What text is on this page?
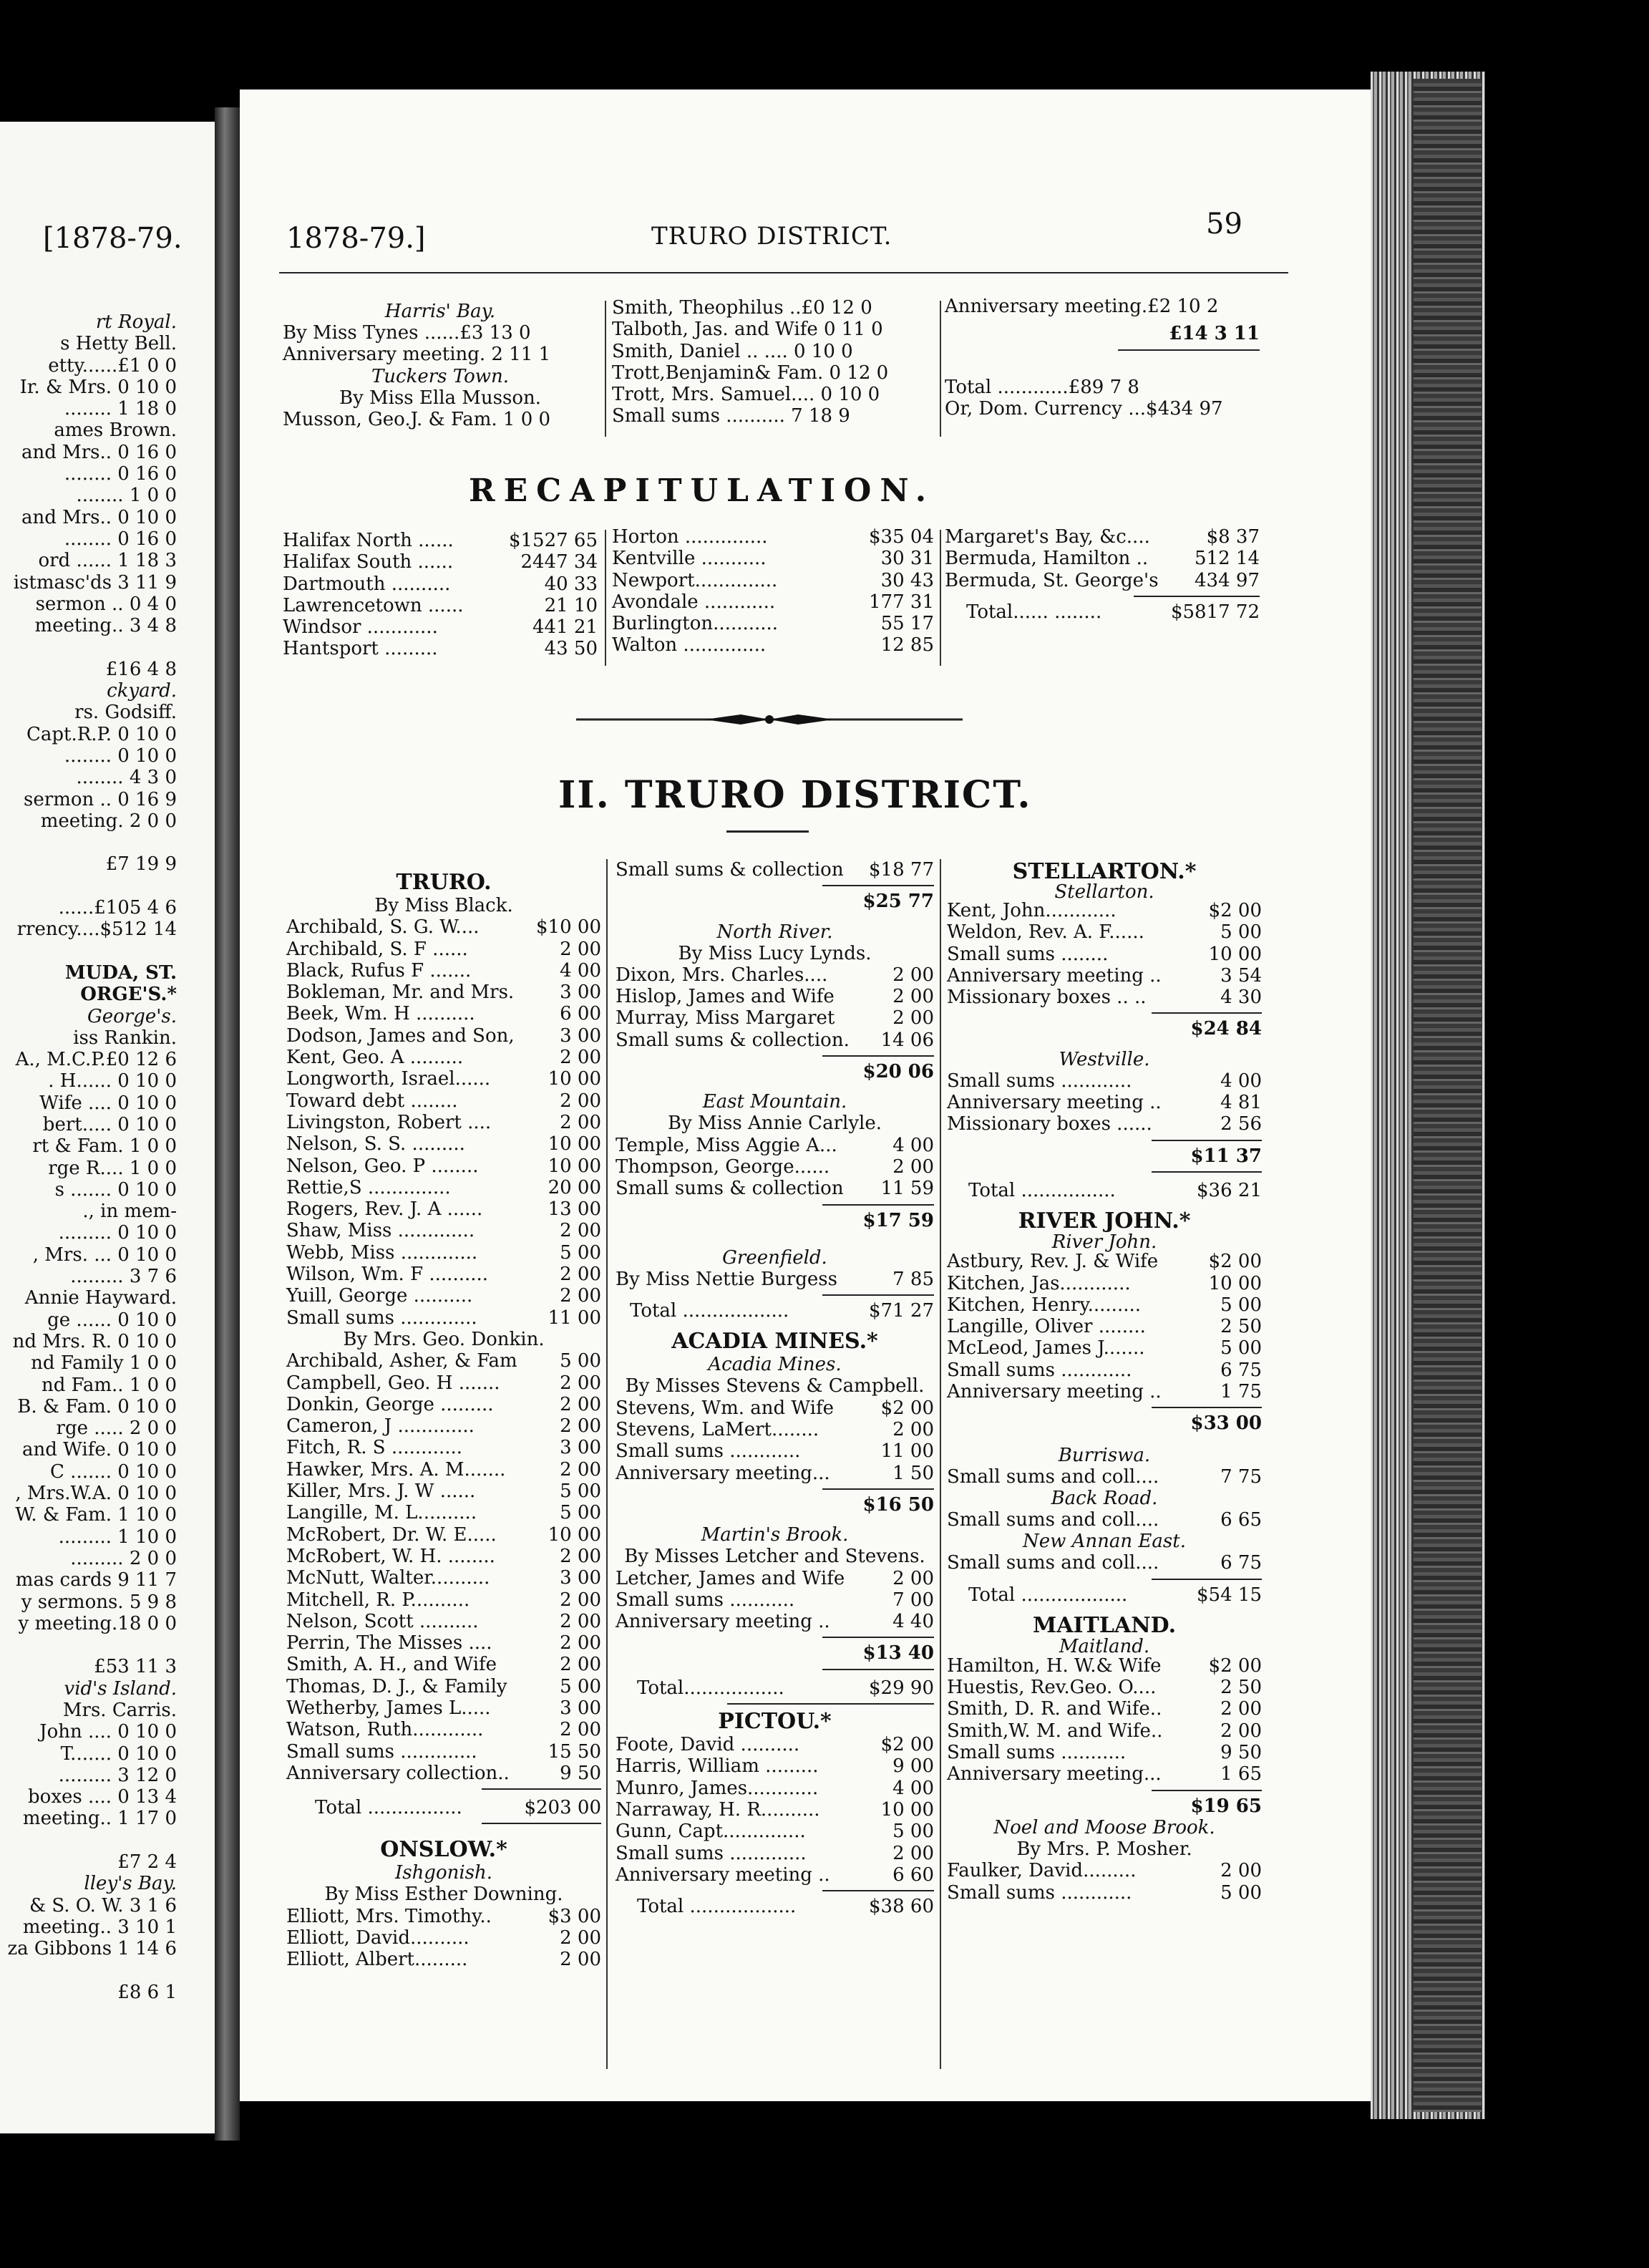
[1878-79.
rt Royal.
s Hetty Bell.
etty......£1 0 0
Ir. & Mrs. 0 10 0
........ 1 18 0
ames Brown.
and Mrs.. 0 16 0
........ 0 16 0
........ 1 0 0
and Mrs.. 0 10 0
........ 0 16 0
ord ...... 1 18 3
istmasc'ds 3 11 9
sermon .. 0 4 0
meeting.. 3 4 8

£16 4 8
ckyard.
rs. Godsiff.
Capt.R.P. 0 10 0
........ 0 10 0
........ 4 3 0
sermon .. 0 16 9
meeting. 2 0 0

£7 19 9

......£105 4 6
rrency....$512 14

MUDA, ST.
ORGE'S.*
George's.
iss Rankin.
A., M.C.P.£0 12 6
. H...... 0 10 0
Wife .... 0 10 0
bert..... 0 10 0
rt & Fam. 1 0 0
rge R.... 1 0 0
s ....... 0 10 0
., in mem-
......... 0 10 0
, Mrs. ... 0 10 0
......... 3 7 6
Annie Hayward.
ge ...... 0 10 0
nd Mrs. R. 0 10 0
nd Family 1 0 0
nd Fam.. 1 0 0
B. & Fam. 0 10 0
rge ..... 2 0 0
and Wife. 0 10 0
C ....... 0 10 0
, Mrs.W.A. 0 10 0
W. & Fam. 1 10 0
......... 1 10 0
......... 2 0 0
mas cards 9 11 7
y sermons. 5 9 8
y meeting.18 0 0

£53 11 3
vid's Island.
Mrs. Carris.
John .... 0 10 0
T....... 0 10 0
......... 3 12 0
boxes .... 0 13 4
meeting.. 1 17 0

£7 2 4
lley's Bay.
& S. O. W. 3 1 6
meeting.. 3 10 1
za Gibbons 1 14 6

£8 6 1
1878-79.]	TRURO DISTRICT.	59
Harris' Bay.
By Miss Tynes ......£3 13 0
Anniversary meeting. 2 11 1
Tuckers Town.
By Miss Ella Musson.
Musson, Geo.J. & Fam. 1 0 0
Smith, Theophilus ..£0 12 0
Talboth, Jas. and Wife 0 11 0
Smith, Daniel .. .... 0 10 0
Trott,Benjamin& Fam. 0 12 0
Trott, Mrs. Samuel.... 0 10 0
Small sums .......... 7 18 9
Anniversary meeting.£2 10 2
£14 3 11

Total ............£89 7 8
Or, Dom. Currency ...$434 97
RECAPITULATION.
Halifax North ......	$1527 65
Halifax South ......	2447 34
Dartmouth ..........	40 33
Lawrencetown ......	21 10
Windsor ............	441 21
Hantsport .........	43 50
Horton ..............	$35 04
Kentville ...........	30 31
Newport..............	30 43
Avondale ............	177 31
Burlington...........	55 17
Walton ..............	12 85
Margaret's Bay, &c....	$8 37
Bermuda, Hamilton .. 512 14
Bermuda, St. George's 434 97
Total...... ........	$5817 72
II. TRURO DISTRICT.
TRURO.
By Miss Black.
Archibald, S. G. W....	$10 00
Archibald, S. F ......	2 00
Black, Rufus F .......	4 00
Bokleman, Mr. and Mrs. 3 00
Beek, Wm. H ..........	6 00
Dodson, James and Son, 3 00
Kent, Geo. A .........	2 00
Longworth, Israel......	10 00
Toward debt ........	2 00
Livingston, Robert ....	2 00
Nelson, S. S. .........	10 00
Nelson, Geo. P ........	10 00
Rettie,S ..............	20 00
Rogers, Rev. J. A ......	13 00
Shaw, Miss .............	2 00
Webb, Miss .............	5 00
Wilson, Wm. F ..........	2 00
Yuill, George ..........	2 00
Small sums .............	11 00
By Mrs. Geo. Donkin.
Archibald, Asher, & Fam 5 00
Campbell, Geo. H .......	2 00
Donkin, George .........	2 00
Cameron, J .............	2 00
Fitch, R. S ............	3 00
Hawker, Mrs. A. M.......	2 00
Killer, Mrs. J. W ......	5 00
Langille, M. L..........	5 00
McRobert, Dr. W. E.....	10 00
McRobert, W. H. ........	2 00
McNutt, Walter..........	3 00
Mitchell, R. P..........	2 00
Nelson, Scott ..........	2 00
Perrin, The Misses ....	2 00
Smith, A. H., and Wife	2 00
Thomas, D. J., & Family	5 00
Wetherby, James L.....	3 00
Watson, Ruth............	2 00
Small sums .............	15 50
Anniversary collection..	9 50
Total ................	$203 00
ONSLOW.*
Ishgonish.
By Miss Esther Downing.
Elliott, Mrs. Timothy..	$3 00
Elliott, David..........	2 00
Elliott, Albert.........	2 00
Small sums & collection $18 77
$25 77
North River.
By Miss Lucy Lynds.
Dixon, Mrs. Charles....	2 00
Hislop, James and Wife	2 00
Murray, Miss Margaret	2 00
Small sums & collection. 14 06
$20 06
East Mountain.
By Miss Annie Carlyle.
Temple, Miss Aggie A...	4 00
Thompson, George......	2 00
Small sums & collection 11 59
$17 59
Greenfield.
By Miss Nettie Burgess	7 85
Total ..................	$71 27
ACADIA MINES.*
Acadia Mines.
By Misses Stevens & Campbell.
Stevens, Wm. and Wife	$2 00
Stevens, LaMert........	2 00
Small sums ............	11 00
Anniversary meeting...	1 50
$16 50
Martin's Brook.
By Misses Letcher and Stevens.
Letcher, James and Wife	2 00
Small sums ...........	7 00
Anniversary meeting ..	4 40
$13 40
Total.................	$29 90
PICTOU.*
Foote, David ..........	$2 00
Harris, William .........	9 00
Munro, James............	4 00
Narraway, H. R..........	10 00
Gunn, Capt..............	5 00
Small sums .............	2 00
Anniversary meeting ..	6 60
Total ..................	$38 60
STELLARTON.*
Stellarton.
Kent, John............	$2 00
Weldon, Rev. A. F......	5 00
Small sums ........	10 00
Anniversary meeting ..	3 54
Missionary boxes .. ..	4 30
$24 84
Westville.
Small sums ............	4 00
Anniversary meeting ..	4 81
Missionary boxes ......	2 56
$11 37
Total ................	$36 21
RIVER JOHN.*
River John.
Astbury, Rev. J. & Wife	$2 00
Kitchen, Jas............	10 00
Kitchen, Henry.........	5 00
Langille, Oliver ........	2 50
McLeod, James J.......	5 00
Small sums ............	6 75
Anniversary meeting ..	1 75
$33 00
Burriswa.
Small sums and coll....	7 75
Back Road.
Small sums and coll....	6 65
New Annan East.
Small sums and coll....	6 75
Total ..................	$54 15
MAITLAND.
Maitland.
Hamilton, H. W.& Wife	$2 00
Huestis, Rev.Geo. O....	2 50
Smith, D. R. and Wife..	2 00
Smith,W. M. and Wife..	2 00
Small sums ...........	9 50
Anniversary meeting...	1 65
$19 65
Noel and Moose Brook.
By Mrs. P. Mosher.
Faulker, David.........	2 00
Small sums ............	5 00
